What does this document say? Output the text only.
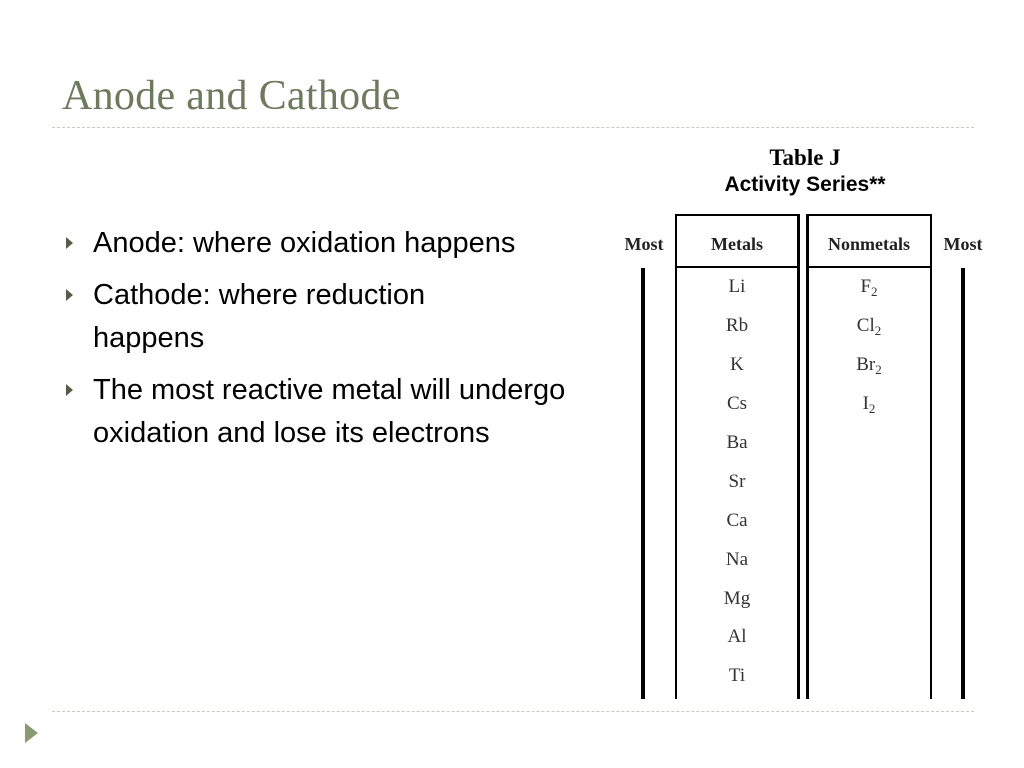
Anode and Cathode
Anode: where oxidation happens
Cathode: where reduction happens
The most reactive metal will undergo oxidation and lose its electrons
Table J
Activity Series**
Most	Most
Metals	Nonmetals
Li
Rb
K
Cs
Ba
Sr
Ca
Na
Mg
Al
Ti
$F_2$
$Cl_2$
$Br_2$
$I_2$
